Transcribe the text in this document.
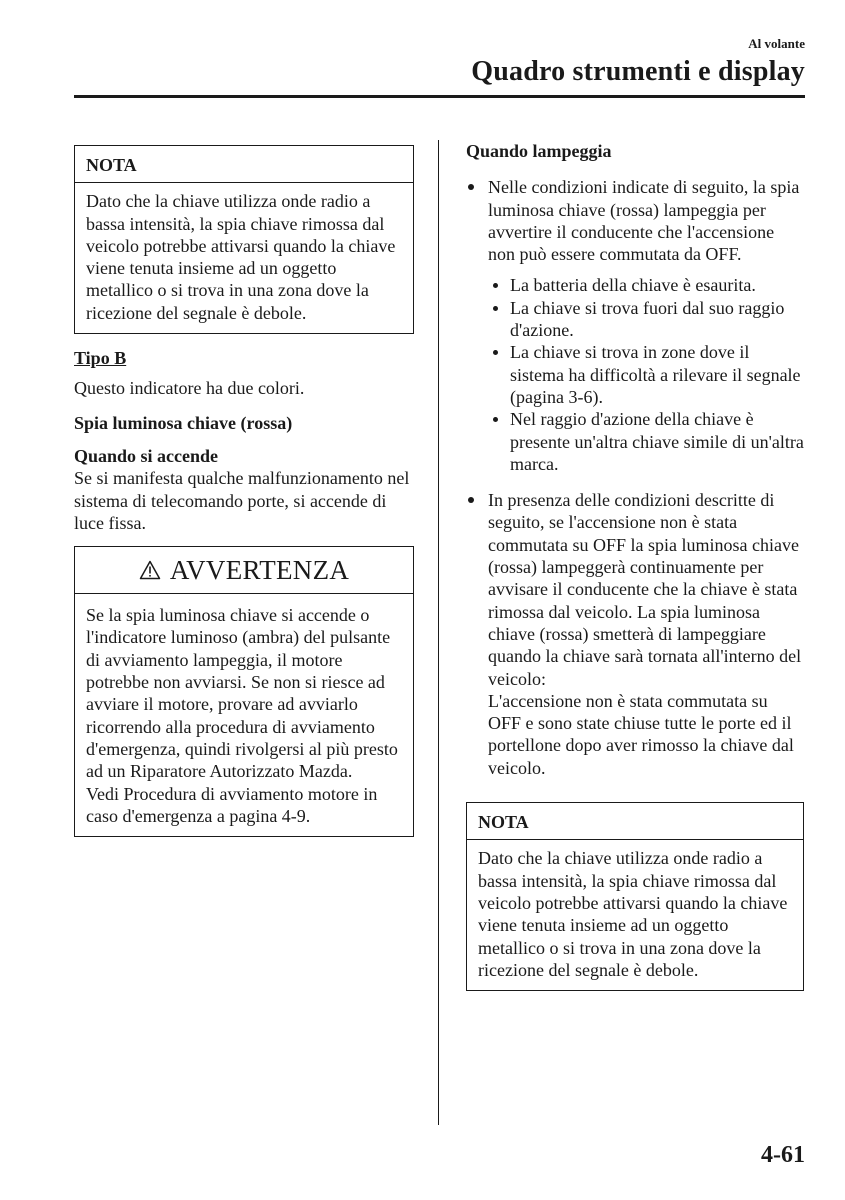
Al volante
Quadro strumenti e display
NOTA
Dato che la chiave utilizza onde radio a bassa intensità, la spia chiave rimossa dal veicolo potrebbe attivarsi quando la chiave viene tenuta insieme ad un oggetto metallico o si trova in una zona dove la ricezione del segnale è debole.
Tipo B
Questo indicatore ha due colori.
Spia luminosa chiave (rossa)
Quando si accende
Se si manifesta qualche malfunzionamento nel sistema di telecomando porte, si accende di luce fissa.
AVVERTENZA
Se la spia luminosa chiave si accende o l'indicatore luminoso (ambra) del pulsante di avviamento lampeggia, il motore potrebbe non avviarsi. Se non si riesce ad avviare il motore, provare ad avviarlo ricorrendo alla procedura di avviamento d'emergenza, quindi rivolgersi al più presto ad un Riparatore Autorizzato Mazda.
Vedi Procedura di avviamento motore in caso d'emergenza a pagina 4-9.
Quando lampeggia
Nelle condizioni indicate di seguito, la spia luminosa chiave (rossa) lampeggia per avvertire il conducente che l'accensione non può essere commutata da OFF.
La batteria della chiave è esaurita.
La chiave si trova fuori dal suo raggio d'azione.
La chiave si trova in zone dove il sistema ha difficoltà a rilevare il segnale (pagina 3-6).
Nel raggio d'azione della chiave è presente un'altra chiave simile di un'altra marca.
In presenza delle condizioni descritte di seguito, se l'accensione non è stata commutata su OFF la spia luminosa chiave (rossa) lampeggerà continuamente per avvisare il conducente che la chiave è stata rimossa dal veicolo. La spia luminosa chiave (rossa) smetterà di lampeggiare quando la chiave sarà tornata all'interno del veicolo:
L'accensione non è stata commutata su OFF e sono state chiuse tutte le porte ed il portellone dopo aver rimosso la chiave dal veicolo.
NOTA
Dato che la chiave utilizza onde radio a bassa intensità, la spia chiave rimossa dal veicolo potrebbe attivarsi quando la chiave viene tenuta insieme ad un oggetto metallico o si trova in una zona dove la ricezione del segnale è debole.
4-61
